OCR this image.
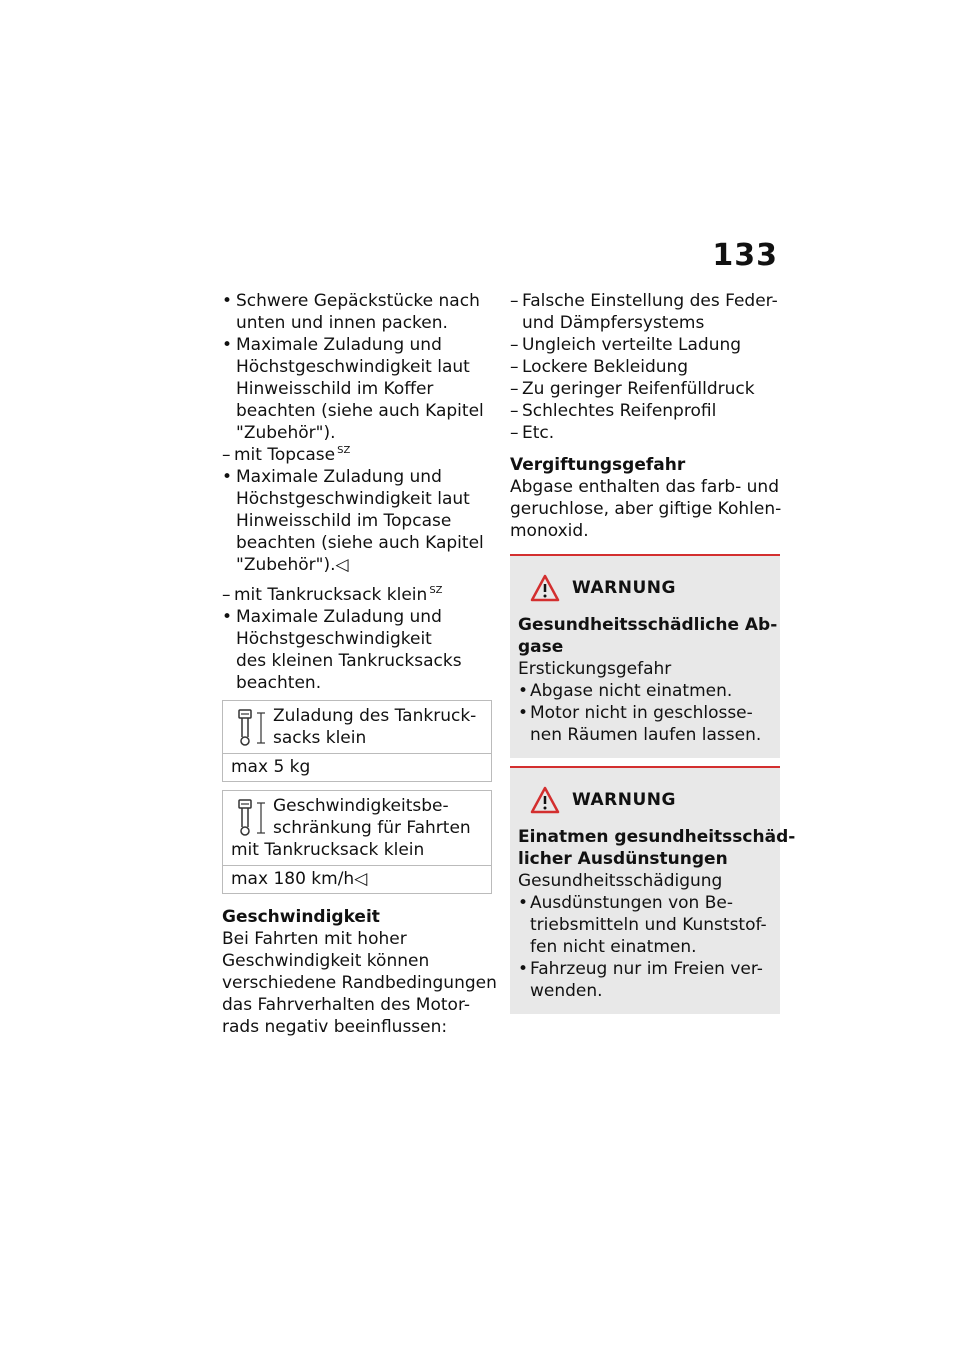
133
• Schwere Gepäckstücke nach
unten und innen packen.
• Maximale Zuladung und
Höchstgeschwindigkeit laut
Hinweisschild im Koffer
beachten (siehe auch Kapitel
"Zubehör").
– mit Topcase $^{SZ}$
• Maximale Zuladung und
Höchstgeschwindigkeit laut
Hinweisschild im Topcase
beachten (siehe auch Kapitel
"Zubehör").◁
– mit Tankrucksack klein $^{SZ}$
• Maximale Zuladung und
Höchstgeschwindigkeit
des kleinen Tankrucksacks
beachten.
Zuladung des Tankruck-
sacks klein
max 5 kg
Geschwindigkeitsbe-
schränkung für Fahrten
mit Tankrucksack klein
max 180 km/h◁
Geschwindigkeit
Bei Fahrten mit hoher
Geschwindigkeit können
verschiedene Randbedingungen
das Fahrverhalten des Motor-
rads negativ beeinflussen:
– Falsche Einstellung des Feder-
und Dämpfersystems
– Ungleich verteilte Ladung
– Lockere Bekleidung
– Zu geringer Reifenfülldruck
– Schlechtes Reifenprofil
– Etc.
Vergiftungsgefahr
Abgase enthalten das farb- und
geruchlose, aber giftige Kohlen-
monoxid.
WARNUNG
Gesundheitsschädliche Ab-
gase
Erstickungsgefahr
• Abgase nicht einatmen.
• Motor nicht in geschlosse-
nen Räumen laufen lassen.
WARNUNG
Einatmen gesundheitsschäd-
licher Ausdünstungen
Gesundheitsschädigung
• Ausdünstungen von Be-
triebsmitteln und Kunststof-
fen nicht einatmen.
• Fahrzeug nur im Freien ver-
wenden.
